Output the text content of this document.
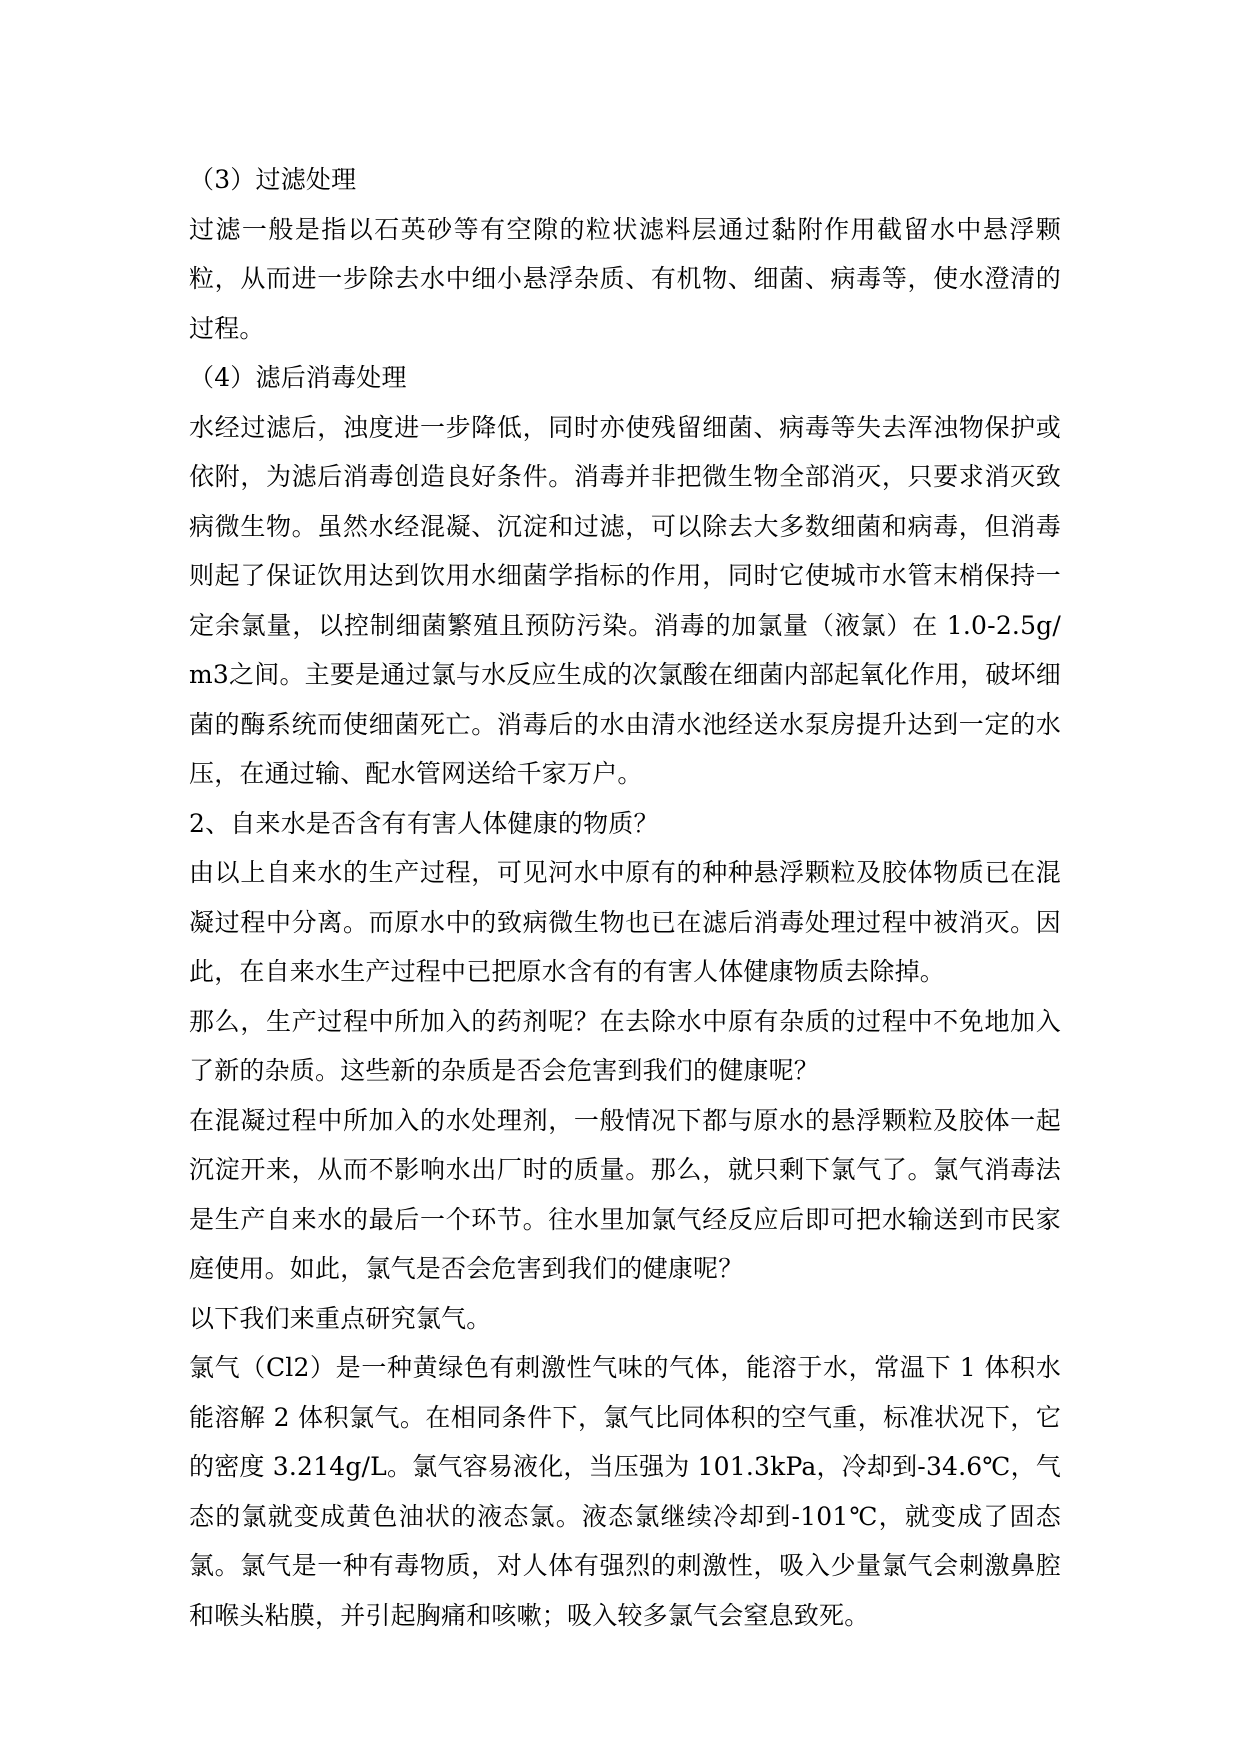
（3）过滤处理

过滤一般是指以石英砂等有空隙的粒状滤料层通过黏附作用截留水中悬浮颗粒，从而进一步除去水中细小悬浮杂质、有机物、细菌、病毒等，使水澄清的过程。

（4）滤后消毒处理

水经过滤后，浊度进一步降低，同时亦使残留细菌、病毒等失去浑浊物保护或依附，为滤后消毒创造良好条件。消毒并非把微生物全部消灭，只要求消灭致病微生物。虽然水经混凝、沉淀和过滤，可以除去大多数细菌和病毒，但消毒则起了保证饮用达到饮用水细菌学指标的作用，同时它使城市水管末梢保持一定余氯量，以控制细菌繁殖且预防污染。消毒的加氯量（液氯）在 1.0-2.5g/m3之间。主要是通过氯与水反应生成的次氯酸在细菌内部起氧化作用，破坏细菌的酶系统而使细菌死亡。消毒后的水由清水池经送水泵房提升达到一定的水压，在通过输、配水管网送给千家万户。

2、自来水是否含有有害人体健康的物质？

由以上自来水的生产过程，可见河水中原有的种种悬浮颗粒及胶体物质已在混凝过程中分离。而原水中的致病微生物也已在滤后消毒处理过程中被消灭。因此，在自来水生产过程中已把原水含有的有害人体健康物质去除掉。

那么，生产过程中所加入的药剂呢？在去除水中原有杂质的过程中不免地加入了新的杂质。这些新的杂质是否会危害到我们的健康呢？

在混凝过程中所加入的水处理剂，一般情况下都与原水的悬浮颗粒及胶体一起沉淀开来，从而不影响水出厂时的质量。那么，就只剩下氯气了。氯气消毒法是生产自来水的最后一个环节。往水里加氯气经反应后即可把水输送到市民家庭使用。如此，氯气是否会危害到我们的健康呢？

以下我们来重点研究氯气。

氯气（Cl2）是一种黄绿色有刺激性气味的气体，能溶于水，常温下 1 体积水能溶解 2 体积氯气。在相同条件下，氯气比同体积的空气重，标准状况下，它的密度 3.214g/L。氯气容易液化，当压强为 101.3kPa，冷却到-34.6℃，气态的氯就变成黄色油状的液态氯。液态氯继续冷却到-101℃，就变成了固态氯。氯气是一种有毒物质，对人体有强烈的刺激性，吸入少量氯气会刺激鼻腔和喉头粘膜，并引起胸痛和咳嗽；吸入较多氯气会窒息致死。
